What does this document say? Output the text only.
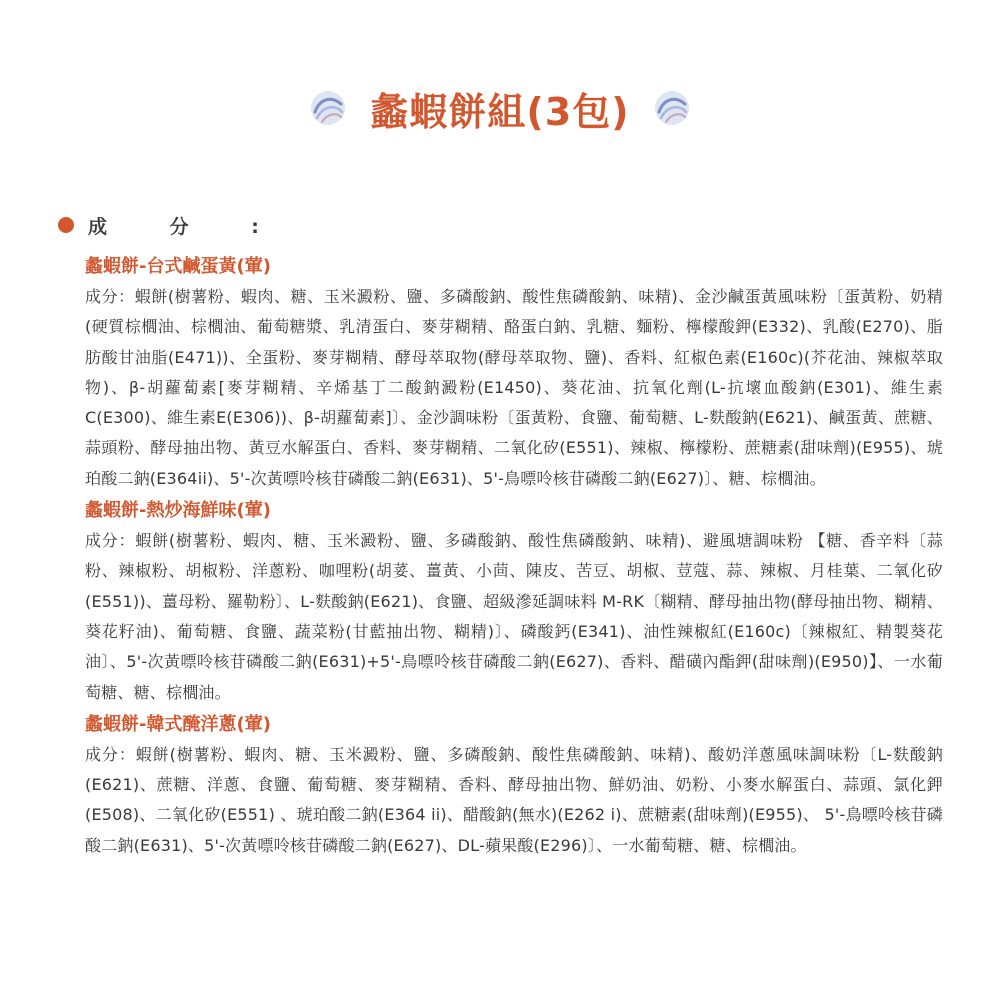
蠡蝦餅組(3包)
成 分 :

蠡蝦餅-台式鹹蛋黃(葷)

成分：蝦餅(樹薯粉、蝦肉、糖、玉米澱粉、鹽、多磷酸鈉、酸性焦磷酸鈉、味精)、金沙鹹蛋黃風味粉〔蛋黃粉、奶精(硬質棕櫚油、棕櫚油、葡萄糖漿、乳清蛋白、麥芽糊精、酪蛋白鈉、乳糖、麵粉、檸檬酸鉀(E332)、乳酸(E270)、脂肪酸甘油脂(E471))、全蛋粉、麥芽糊精、酵母萃取物(酵母萃取物、鹽)、香料、紅椒色素(E160c)(芥花油、辣椒萃取物)、β-胡蘿蔔素[麥芽糊精、辛烯基丁二酸鈉澱粉(E1450)、葵花油、抗氧化劑(L-抗壞血酸鈉(E301)、維生素C(E300)、維生素E(E306))、β-胡蘿蔔素]〕、金沙調味粉〔蛋黃粉、食鹽、葡萄糖、L-麩酸鈉(E621)、鹹蛋黃、蔗糖、蒜頭粉、酵母抽出物、黃豆水解蛋白、香料、麥芽糊精、二氧化矽(E551)、辣椒、檸檬粉、蔗糖素(甜味劑)(E955)、琥珀酸二鈉(E364ii)、5'-次黃嘌呤核苷磷酸二鈉(E631)、5'-鳥嘌呤核苷磷酸二鈉(E627)〕、糖、棕櫚油。

蠡蝦餅-熱炒海鮮味(葷)

成分：蝦餅(樹薯粉、蝦肉、糖、玉米澱粉、鹽、多磷酸鈉、酸性焦磷酸鈉、味精)、避風塘調味粉 【糖、香辛料〔蒜粉、辣椒粉、胡椒粉、洋蔥粉、咖哩粉(胡荽、薑黃、小茴、陳皮、苦豆、胡椒、荳蔻、蒜、辣椒、月桂葉、二氧化矽(E551))、薑母粉、羅勒粉〕、L-麩酸鈉(E621)、食鹽、超級滲延調味料 M-RK〔糊精、酵母抽出物(酵母抽出物、糊精、葵花籽油)、葡萄糖、食鹽、蔬菜粉(甘藍抽出物、糊精)〕、磷酸鈣(E341)、油性辣椒紅(E160c)〔辣椒紅、精製葵花油〕、5'-次黃嘌呤核苷磷酸二鈉(E631)+5'-鳥嘌呤核苷磷酸二鈉(E627)、香料、醋磺內酯鉀(甜味劑)(E950)】、一水葡萄糖、糖、棕櫚油。

蠡蝦餅-韓式醃洋蔥(葷)

成分：蝦餅(樹薯粉、蝦肉、糖、玉米澱粉、鹽、多磷酸鈉、酸性焦磷酸鈉、味精)、酸奶洋蔥風味調味粉〔L-麩酸鈉(E621)、蔗糖、洋蔥、食鹽、葡萄糖、麥芽糊精、香料、酵母抽出物、鮮奶油、奶粉、小麥水解蛋白、蒜頭、氯化鉀(E508)、二氧化矽(E551) 、琥珀酸二鈉(E364 ii)、醋酸鈉(無水)(E262 i)、蔗糖素(甜味劑)(E955)、 5'-鳥嘌呤核苷磷酸二鈉(E631)、5'-次黃嘌呤核苷磷酸二鈉(E627)、DL-蘋果酸(E296)〕、一水葡萄糖、糖、棕櫚油。
